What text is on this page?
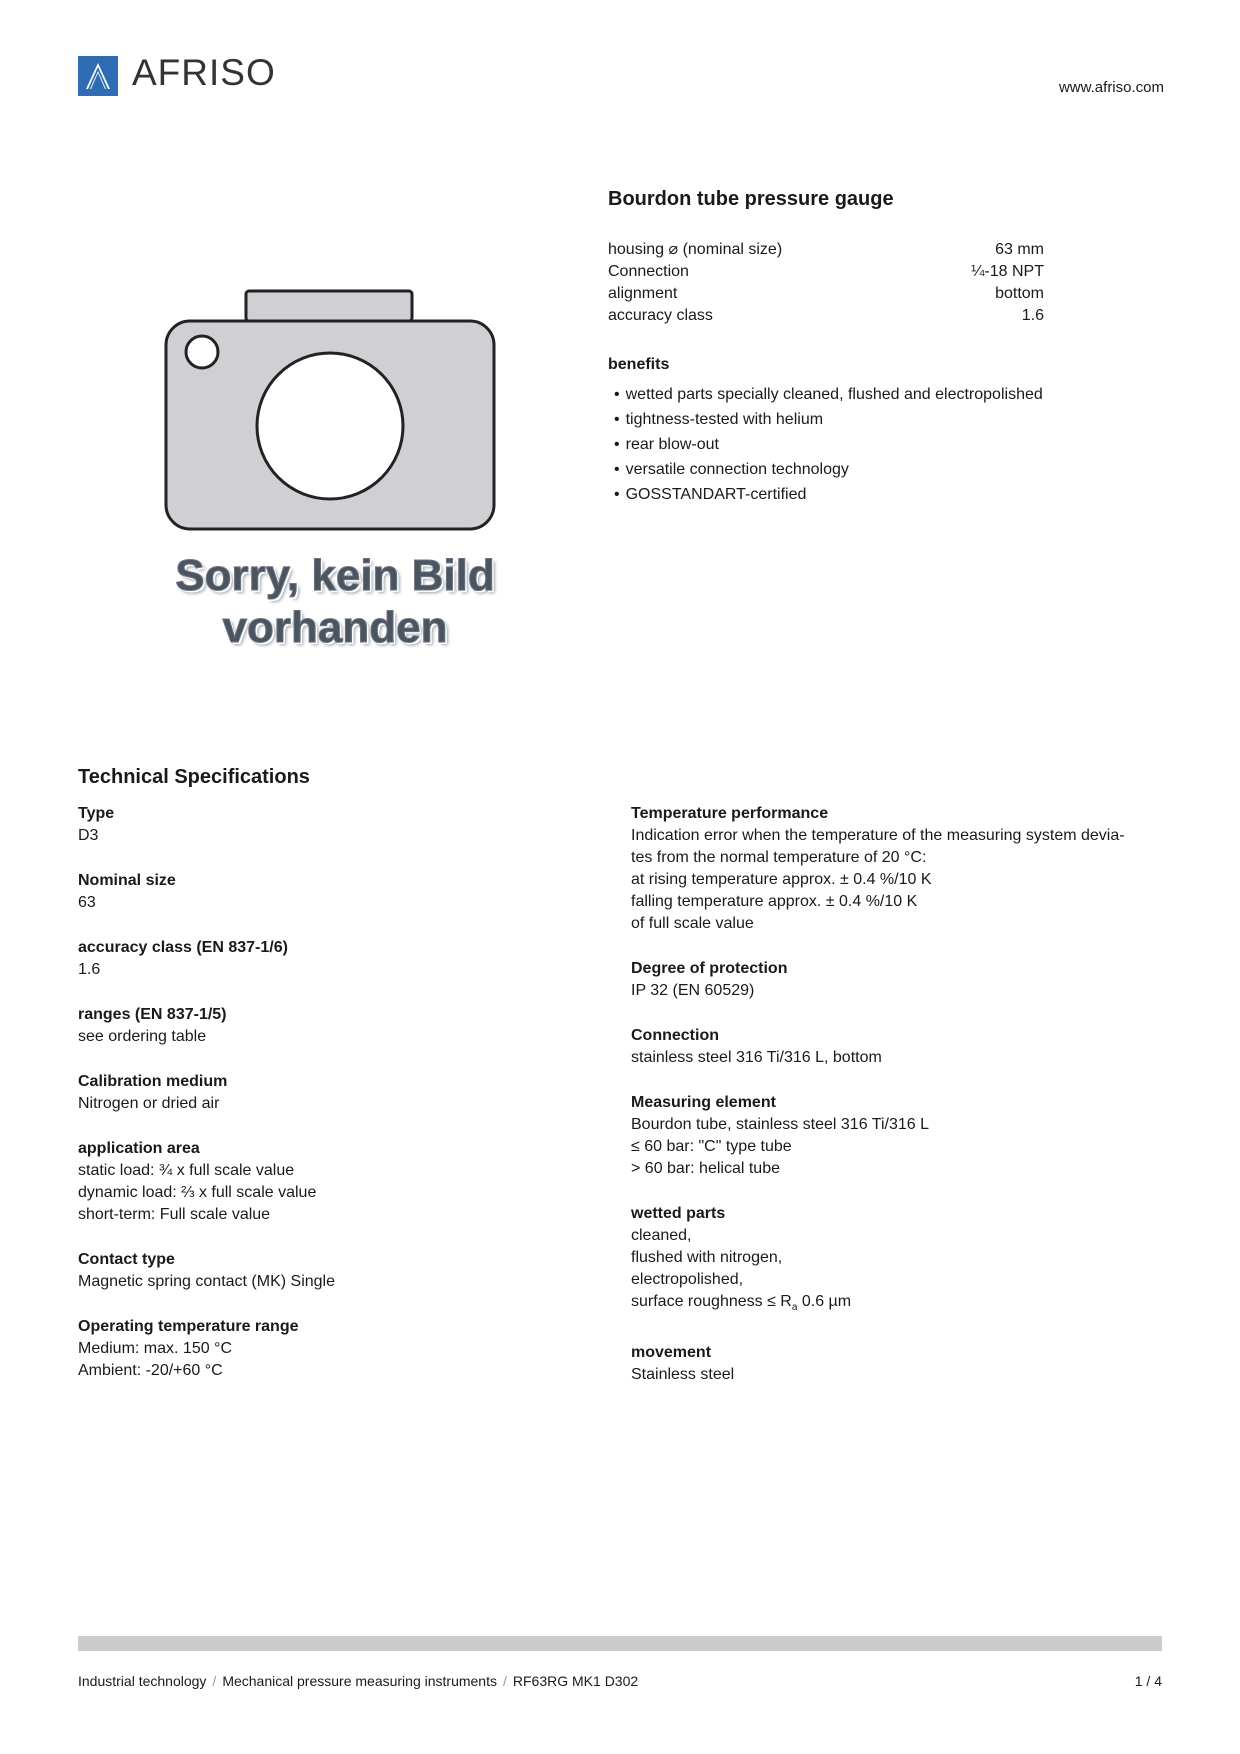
AFRISO	www.afriso.com
Sorry, kein Bild
vorhanden
Bourdon tube pressure gauge
housing ⌀ (nominal size)	63 mm
Connection	¼-18 NPT
alignment	bottom
accuracy class	1.6
benefits
• wetted parts specially cleaned, flushed and electropolished
• tightness-tested with helium
• rear blow-out
• versatile connection technology
• GOSSTANDART-certified
Technical Specifications
Type
D3
Nominal size
63
accuracy class (EN 837-1/6)
1.6
ranges (EN 837-1/5)
see ordering table
Calibration medium
Nitrogen or dried air
application area
static load: ¾ x full scale value
dynamic load: ⅔ x full scale value
short-term: Full scale value
Contact type
Magnetic spring contact (MK) Single
Operating temperature range
Medium: max. 150 °C
Ambient: -20/+60 °C
Temperature performance
Indication error when the temperature of the measuring system devia-
tes from the normal temperature of 20 °C:
at rising temperature approx. ± 0.4 %/10 K
falling temperature approx. ± 0.4 %/10 K
of full scale value
Degree of protection
IP 32 (EN 60529)
Connection
stainless steel 316 Ti/316 L, bottom
Measuring element
Bourdon tube, stainless steel 316 Ti/316 L
≤ 60 bar: "C" type tube
> 60 bar: helical tube
wetted parts
cleaned,
flushed with nitrogen,
electropolished,
surface roughness ≤ $R_a$ 0.6 µm
movement
Stainless steel
Industrial technology / Mechanical pressure measuring instruments / RF63RG MK1 D302	1 / 4
